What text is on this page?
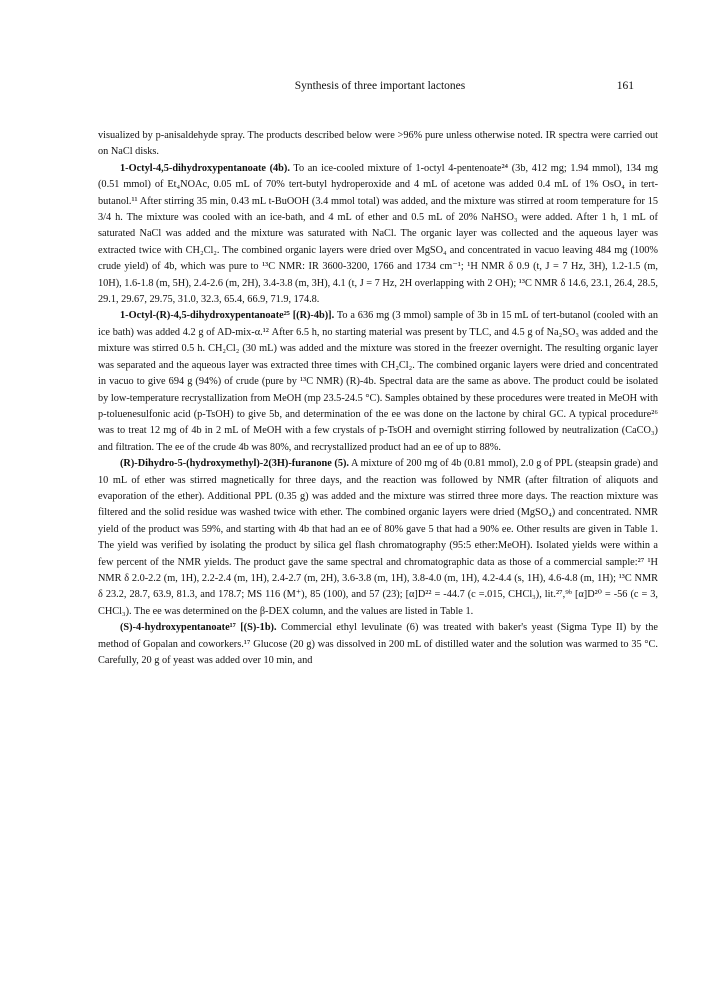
Synthesis of three important lactones	161

visualized by p-anisaldehyde spray. The products described below were >96% pure unless otherwise noted. IR spectra were carried out on NaCl disks.

1-Octyl-4,5-dihydroxypentanoate (4b). To an ice-cooled mixture of 1-octyl 4-pentenoate²⁴ (3b, 412 mg; 1.94 mmol), 134 mg (0.51 mmol) of Et₄NOAc, 0.05 mL of 70% tert-butyl hydroperoxide and 4 mL of acetone was added 0.4 mL of 1% OsO₄ in tert-butanol.¹¹ After stirring 35 min, 0.43 mL t-BuOOH (3.4 mmol total) was added, and the mixture was stirred at room temperature for 15 3/4 h. The mixture was cooled with an ice-bath, and 4 mL of ether and 0.5 mL of 20% NaHSO₃ were added. After 1 h, 1 mL of saturated NaCl was added and the mixture was saturated with NaCl. The organic layer was collected and the aqueous layer was extracted twice with CH₂Cl₂. The combined organic layers were dried over MgSO₄ and concentrated in vacuo leaving 484 mg (100% crude yield) of 4b, which was pure to ¹³C NMR: IR 3600-3200, 1766 and 1734 cm⁻¹; ¹H NMR δ 0.9 (t, J = 7 Hz, 3H), 1.2-1.5 (m, 10H), 1.6-1.8 (m, 5H), 2.4-2.6 (m, 2H), 3.4-3.8 (m, 3H), 4.1 (t, J = 7 Hz, 2H overlapping with 2 OH); ¹³C NMR δ 14.6, 23.1, 26.4, 28.5, 29.1, 29.67, 29.75, 31.0, 32.3, 65.4, 66.9, 71.9, 174.8.

1-Octyl-(R)-4,5-dihydroxypentanoate²⁵ [(R)-4b)]. To a 636 mg (3 mmol) sample of 3b in 15 mL of tert-butanol (cooled with an ice bath) was added 4.2 g of AD-mix-α.¹² After 6.5 h, no starting material was present by TLC, and 4.5 g of Na₂SO₃ was added and the mixture was stirred 0.5 h. CH₂Cl₂ (30 mL) was added and the mixture was stored in the freezer overnight. The resulting organic layer was separated and the aqueous layer was extracted three times with CH₂Cl₂. The combined organic layers were dried and concentrated in vacuo to give 694 g (94%) of crude (pure by ¹³C NMR) (R)-4b. Spectral data are the same as above. The product could be isolated by low-temperature recrystallization from MeOH (mp 23.5-24.5 °C). Samples obtained by these procedures were treated in MeOH with p-toluenesulfonic acid (p-TsOH) to give 5b, and determination of the ee was done on the lactone by chiral GC. A typical procedure²⁶ was to treat 12 mg of 4b in 2 mL of MeOH with a few crystals of p-TsOH and overnight stirring followed by neutralization (CaCO₃) and filtration. The ee of the crude 4b was 80%, and recrystallized product had an ee of up to 88%.

(R)-Dihydro-5-(hydroxymethyl)-2(3H)-furanone (5). A mixture of 200 mg of 4b (0.81 mmol), 2.0 g of PPL (steapsin grade) and 10 mL of ether was stirred magnetically for three days, and the reaction was followed by NMR (after filtration of aliquots and evaporation of the ether). Additional PPL (0.35 g) was added and the mixture was stirred three more days. The reaction mixture was filtered and the solid residue was washed twice with ether. The combined organic layers were dried (MgSO₄) and concentrated. NMR yield of the product was 59%, and starting with 4b that had an ee of 80% gave 5 that had a 90% ee. Other results are given in Table 1. The yield was verified by isolating the product by silica gel flash chromatography (95:5 ether:MeOH). Isolated yields were within a few percent of the NMR yields. The product gave the same spectral and chromatographic data as those of a commercial sample:²⁷ ¹H NMR δ 2.0-2.2 (m, 1H), 2.2-2.4 (m, 1H), 2.4-2.7 (m, 2H), 3.6-3.8 (m, 1H), 3.8-4.0 (m, 1H), 4.2-4.4 (s, 1H), 4.6-4.8 (m, 1H); ¹³C NMR δ 23.2, 28.7, 63.9, 81.3, and 178.7; MS 116 (M⁺), 85 (100), and 57 (23); [α]D²² = -44.7 (c =.015, CHCl₃), lit.²⁷,⁹ᵇ [α]D²⁰ = -56 (c = 3, CHCl₃). The ee was determined on the β-DEX column, and the values are listed in Table 1.

(S)-4-hydroxypentanoate¹⁷ [(S)-1b). Commercial ethyl levulinate (6) was treated with baker's yeast (Sigma Type II) by the method of Gopalan and coworkers.¹⁷ Glucose (20 g) was dissolved in 200 mL of distilled water and the solution was warmed to 35 °C. Carefully, 20 g of yeast was added over 10 min, and
